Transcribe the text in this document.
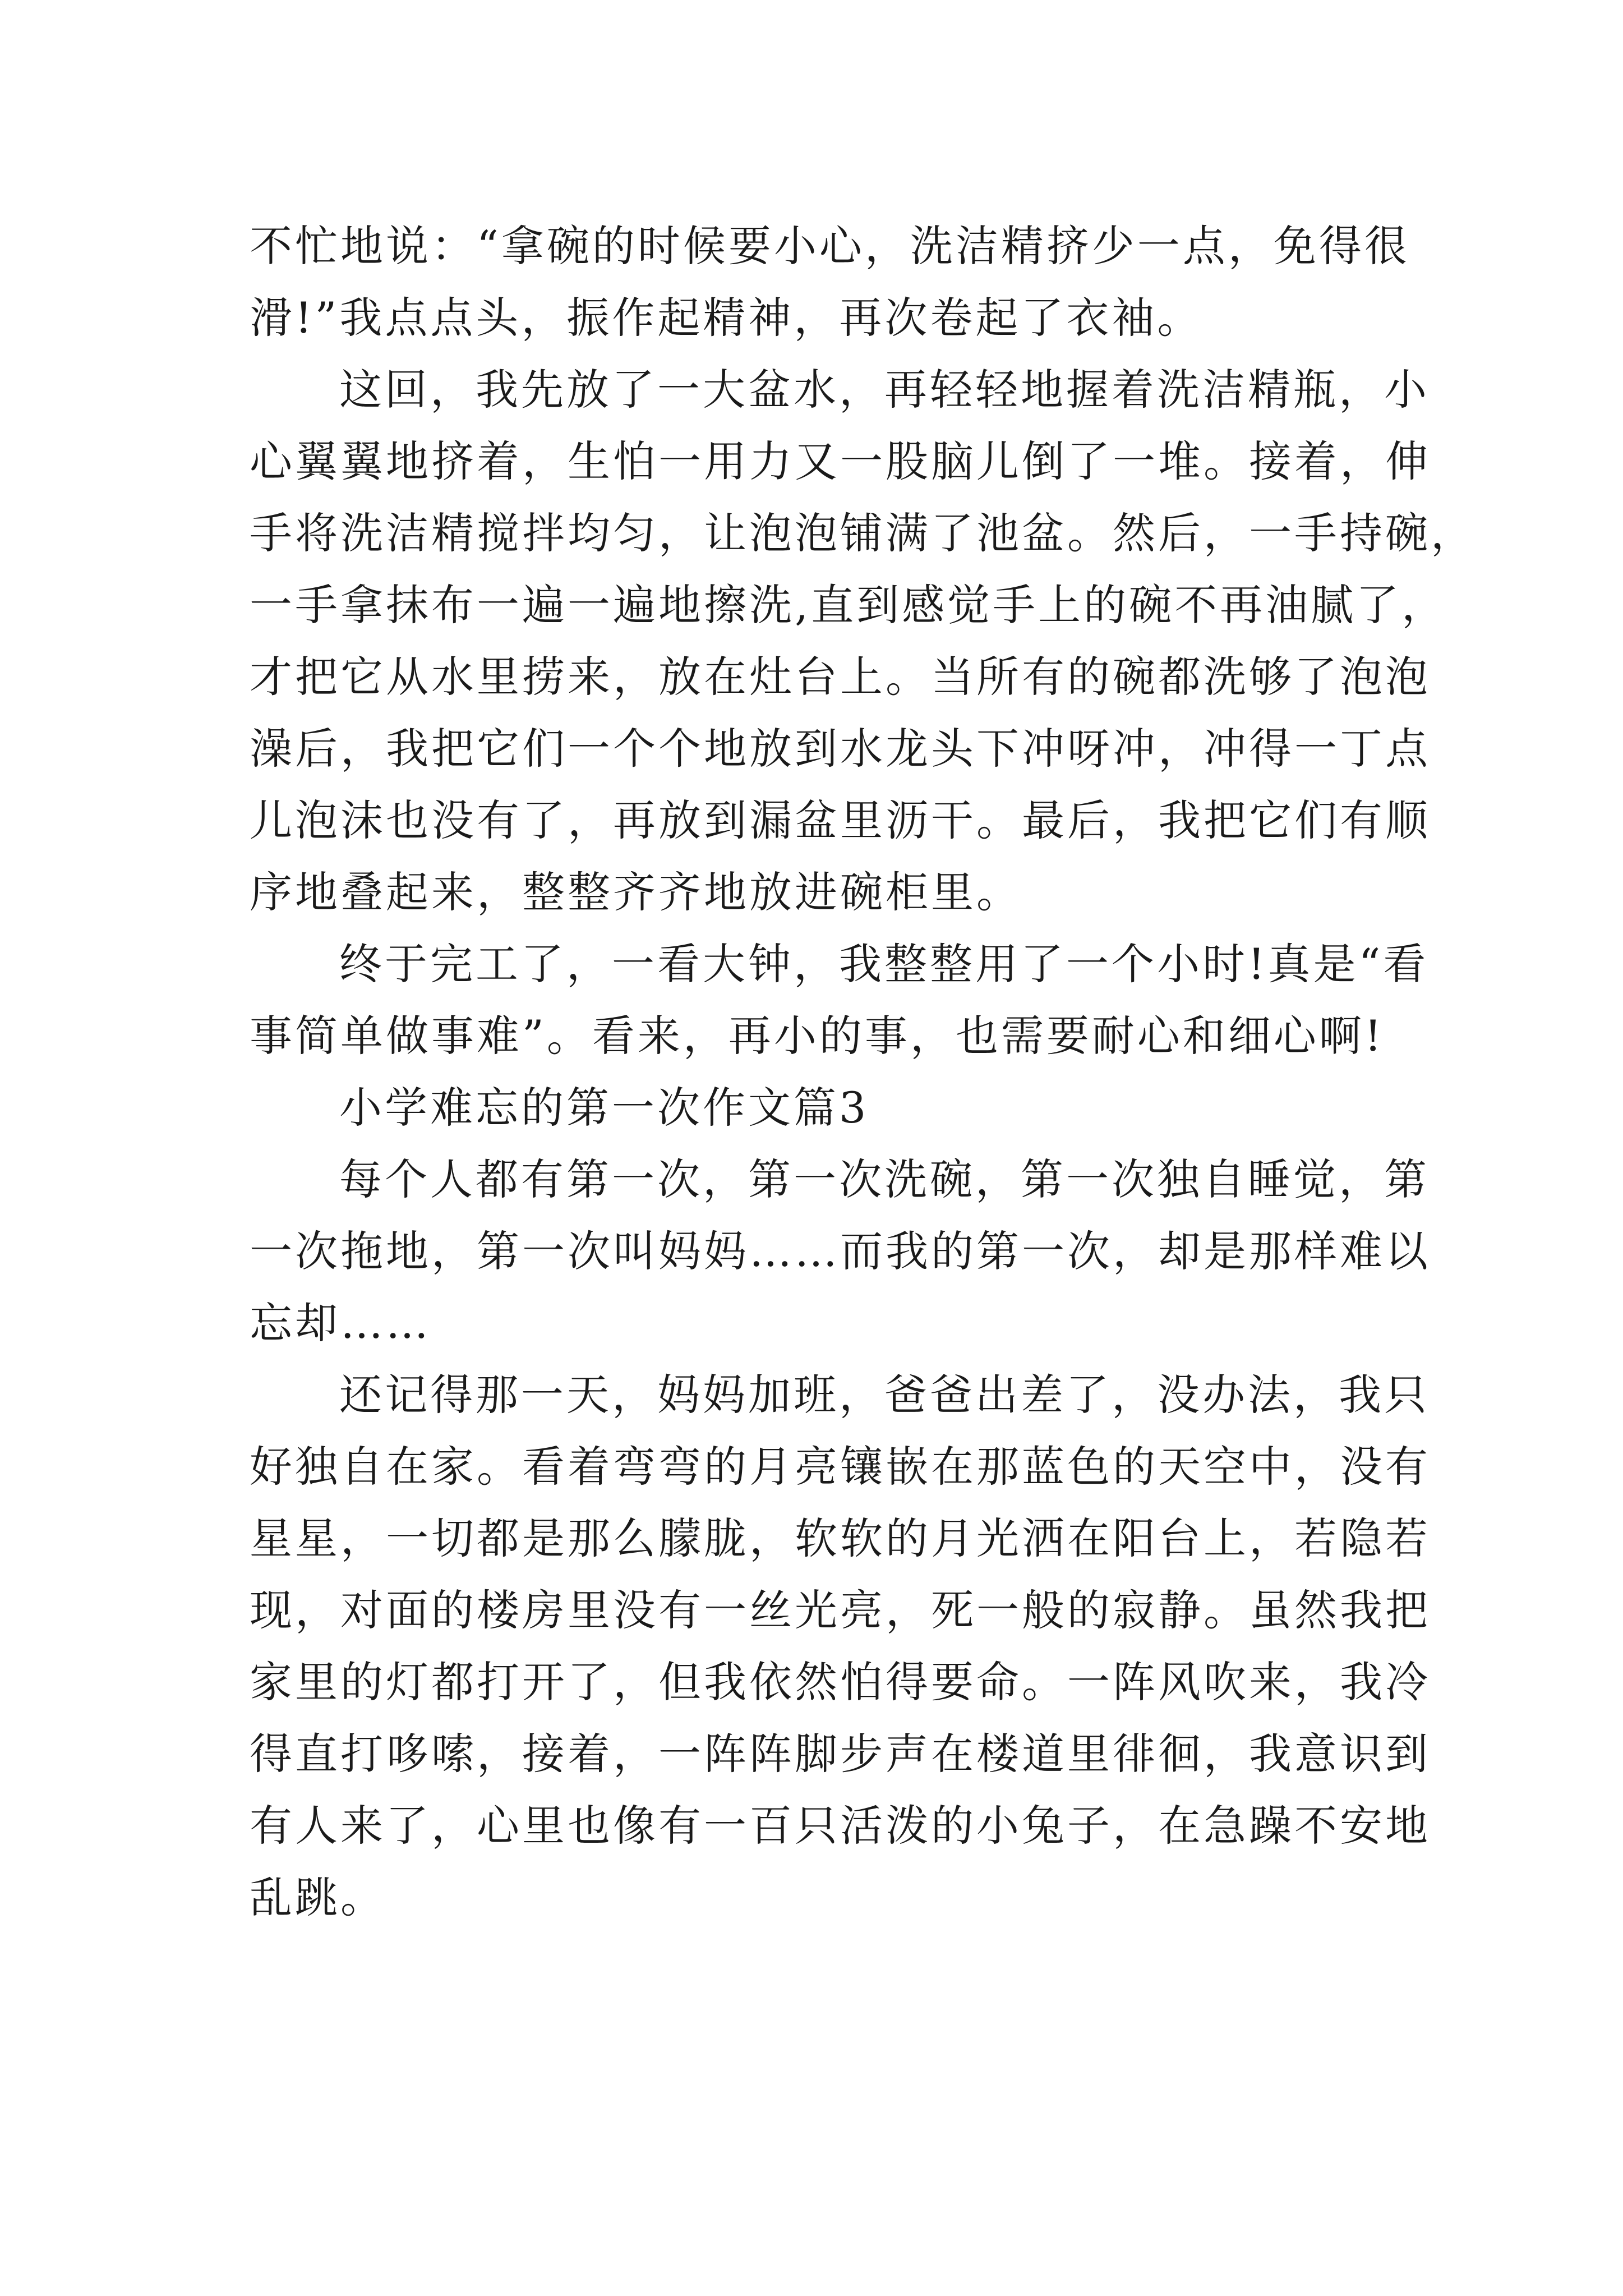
不忙地说：“拿碗的时候要小心，洗洁精挤少一点，免得很
滑!”我点点头，振作起精神，再次卷起了衣袖。
这回，我先放了一大盆水，再轻轻地握着洗洁精瓶，小
心翼翼地挤着，生怕一用力又一股脑儿倒了一堆。接着，伸
手将洗洁精搅拌均匀，让泡泡铺满了池盆。然后，一手持碗，
一手拿抹布一遍一遍地擦洗,直到感觉手上的碗不再油腻了，
才把它从水里捞来，放在灶台上。当所有的碗都洗够了泡泡
澡后，我把它们一个个地放到水龙头下冲呀冲，冲得一丁点
儿泡沫也没有了，再放到漏盆里沥干。最后，我把它们有顺
序地叠起来，整整齐齐地放进碗柜里。
终于完工了，一看大钟，我整整用了一个小时!真是“看
事简单做事难”。看来，再小的事，也需要耐心和细心啊!
小学难忘的第一次作文篇3
每个人都有第一次，第一次洗碗，第一次独自睡觉，第
一次拖地，第一次叫妈妈……而我的第一次，却是那样难以
忘却……
还记得那一天，妈妈加班，爸爸出差了，没办法，我只
好独自在家。看着弯弯的月亮镶嵌在那蓝色的天空中，没有
星星，一切都是那么朦胧，软软的月光洒在阳台上，若隐若
现，对面的楼房里没有一丝光亮，死一般的寂静。虽然我把
家里的灯都打开了，但我依然怕得要命。一阵风吹来，我冷
得直打哆嗦，接着，一阵阵脚步声在楼道里徘徊，我意识到
有人来了，心里也像有一百只活泼的小兔子，在急躁不安地
乱跳。
